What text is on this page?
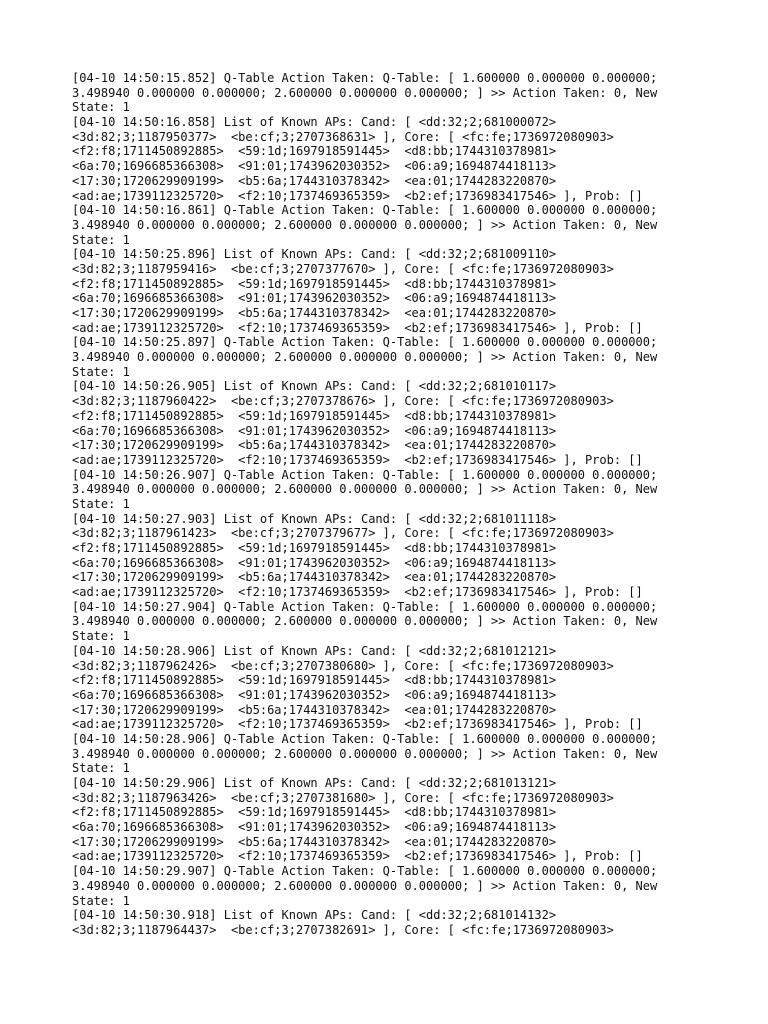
[04-10 14:50:15.852] Q-Table Action Taken: Q-Table: [ 1.600000 0.000000 0.000000;
3.498940 0.000000 0.000000; 2.600000 0.000000 0.000000; ] >> Action Taken: 0, New
State: 1
[04-10 14:50:16.858] List of Known APs: Cand: [ <dd:32;2;681000072>
<3d:82;3;1187950377>  <be:cf;3;2707368631> ], Core: [ <fc:fe;1736972080903>
<f2:f8;1711450892885>  <59:1d;1697918591445>  <d8:bb;1744310378981>
<6a:70;1696685366308>  <91:01;1743962030352>  <06:a9;1694874418113>
<17:30;1720629909199>  <b5:6a;1744310378342>  <ea:01;1744283220870>
<ad:ae;1739112325720>  <f2:10;1737469365359>  <b2:ef;1736983417546> ], Prob: []
[04-10 14:50:16.861] Q-Table Action Taken: Q-Table: [ 1.600000 0.000000 0.000000;
3.498940 0.000000 0.000000; 2.600000 0.000000 0.000000; ] >> Action Taken: 0, New
State: 1
[04-10 14:50:25.896] List of Known APs: Cand: [ <dd:32;2;681009110>
<3d:82;3;1187959416>  <be:cf;3;2707377670> ], Core: [ <fc:fe;1736972080903>
<f2:f8;1711450892885>  <59:1d;1697918591445>  <d8:bb;1744310378981>
<6a:70;1696685366308>  <91:01;1743962030352>  <06:a9;1694874418113>
<17:30;1720629909199>  <b5:6a;1744310378342>  <ea:01;1744283220870>
<ad:ae;1739112325720>  <f2:10;1737469365359>  <b2:ef;1736983417546> ], Prob: []
[04-10 14:50:25.897] Q-Table Action Taken: Q-Table: [ 1.600000 0.000000 0.000000;
3.498940 0.000000 0.000000; 2.600000 0.000000 0.000000; ] >> Action Taken: 0, New
State: 1
[04-10 14:50:26.905] List of Known APs: Cand: [ <dd:32;2;681010117>
<3d:82;3;1187960422>  <be:cf;3;2707378676> ], Core: [ <fc:fe;1736972080903>
<f2:f8;1711450892885>  <59:1d;1697918591445>  <d8:bb;1744310378981>
<6a:70;1696685366308>  <91:01;1743962030352>  <06:a9;1694874418113>
<17:30;1720629909199>  <b5:6a;1744310378342>  <ea:01;1744283220870>
<ad:ae;1739112325720>  <f2:10;1737469365359>  <b2:ef;1736983417546> ], Prob: []
[04-10 14:50:26.907] Q-Table Action Taken: Q-Table: [ 1.600000 0.000000 0.000000;
3.498940 0.000000 0.000000; 2.600000 0.000000 0.000000; ] >> Action Taken: 0, New
State: 1
[04-10 14:50:27.903] List of Known APs: Cand: [ <dd:32;2;681011118>
<3d:82;3;1187961423>  <be:cf;3;2707379677> ], Core: [ <fc:fe;1736972080903>
<f2:f8;1711450892885>  <59:1d;1697918591445>  <d8:bb;1744310378981>
<6a:70;1696685366308>  <91:01;1743962030352>  <06:a9;1694874418113>
<17:30;1720629909199>  <b5:6a;1744310378342>  <ea:01;1744283220870>
<ad:ae;1739112325720>  <f2:10;1737469365359>  <b2:ef;1736983417546> ], Prob: []
[04-10 14:50:27.904] Q-Table Action Taken: Q-Table: [ 1.600000 0.000000 0.000000;
3.498940 0.000000 0.000000; 2.600000 0.000000 0.000000; ] >> Action Taken: 0, New
State: 1
[04-10 14:50:28.906] List of Known APs: Cand: [ <dd:32;2;681012121>
<3d:82;3;1187962426>  <be:cf;3;2707380680> ], Core: [ <fc:fe;1736972080903>
<f2:f8;1711450892885>  <59:1d;1697918591445>  <d8:bb;1744310378981>
<6a:70;1696685366308>  <91:01;1743962030352>  <06:a9;1694874418113>
<17:30;1720629909199>  <b5:6a;1744310378342>  <ea:01;1744283220870>
<ad:ae;1739112325720>  <f2:10;1737469365359>  <b2:ef;1736983417546> ], Prob: []
[04-10 14:50:28.906] Q-Table Action Taken: Q-Table: [ 1.600000 0.000000 0.000000;
3.498940 0.000000 0.000000; 2.600000 0.000000 0.000000; ] >> Action Taken: 0, New
State: 1
[04-10 14:50:29.906] List of Known APs: Cand: [ <dd:32;2;681013121>
<3d:82;3;1187963426>  <be:cf;3;2707381680> ], Core: [ <fc:fe;1736972080903>
<f2:f8;1711450892885>  <59:1d;1697918591445>  <d8:bb;1744310378981>
<6a:70;1696685366308>  <91:01;1743962030352>  <06:a9;1694874418113>
<17:30;1720629909199>  <b5:6a;1744310378342>  <ea:01;1744283220870>
<ad:ae;1739112325720>  <f2:10;1737469365359>  <b2:ef;1736983417546> ], Prob: []
[04-10 14:50:29.907] Q-Table Action Taken: Q-Table: [ 1.600000 0.000000 0.000000;
3.498940 0.000000 0.000000; 2.600000 0.000000 0.000000; ] >> Action Taken: 0, New
State: 1
[04-10 14:50:30.918] List of Known APs: Cand: [ <dd:32;2;681014132>
<3d:82;3;1187964437>  <be:cf;3;2707382691> ], Core: [ <fc:fe;1736972080903>
